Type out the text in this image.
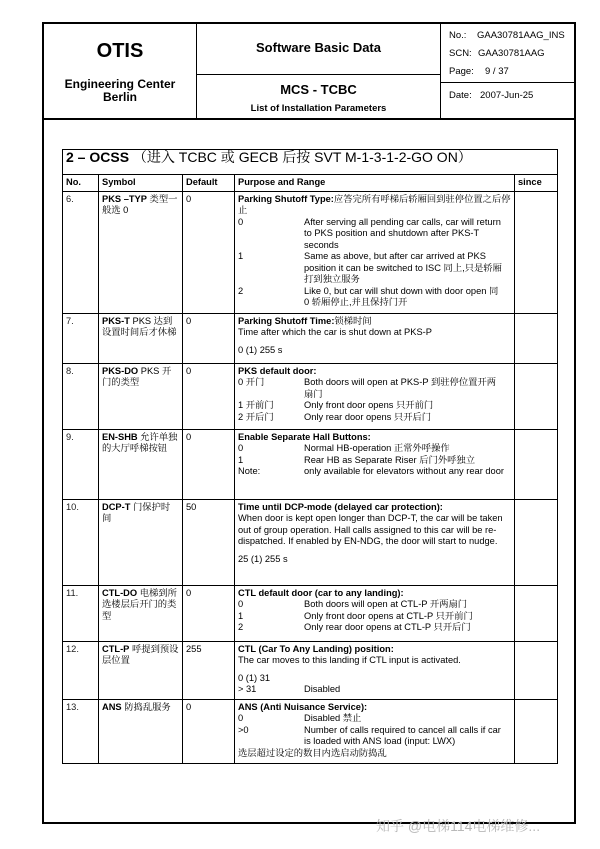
OTIS
Engineering Center
Berlin
Software Basic Data
MCS - TCBC
List of Installation Parameters
No.: GAA30781AAG_INS
SCN: GAA30781AAG
Page: 9 / 37
Date: 2007-Jun-25
2 – OCSS （进入 TCBC 或 GECB 后按 SVT M-1-3-1-2-GO ON）				
No.	Symbol	Default	Purpose and Range	since
6.	PKS –TYP 类型一般选 0	0	Parking Shutoff Type:应答完所有呼梯后轿厢回到驻停位置之后停止
0 After serving all pending car calls, car will return to PKS position and shutdown after PKS-T seconds
1 Same as above, but after car arrived at PKS position it can be switched to ISC 同上,只是轿厢打到独立服务
2 Like 0, but car will shut down with door open 同 0 轿厢停止,并且保持门开	

7.	PKS-T PKS 达到设置时间后才休梯	0	Parking Shutoff Time:锁梯时间
Time after which the car is shut down at PKS-P
0 (1) 255 s	

8.	PKS-DO PKS 开门的类型	0	PKS default door:
0 开门 Both doors will open at PKS-P 到驻停位置开两扇门
1 开前门 Only front door opens 只开前门
2 开后门 Only rear door opens 只开后门	

9.	EN-SHB 允许单独的大厅呼梯按钮	0	Enable Separate Hall Buttons:
0 Normal HB-operation 正常外呼操作
1 Rear HB as Separate Riser 后门外呼独立
Note: only available for elevators without any rear door	

10.	DCP-T 门保护时间	50	Time until DCP-mode (delayed car protection):
When door is kept open longer than DCP-T, the car will be taken out of group operation. Hall calls assigned to this car will be re-dispatched. If enabled by EN-NDG, the door will start to nudge.
25 (1) 255 s	

11.	CTL-DO 电梯到所选楼层后开门的类型	0	CTL default door (car to any landing):
0 Both doors will open at CTL-P 开两扇门
1 Only front door opens at CTL-P 只开前门
2 Only rear door opens at CTL-P 只开后门	

12.	CTL-P 呼提到预设层位置	255	CTL (Car To Any Landing) position:
The car moves to this landing if CTL input is activated.
0 (1) 31
> 31 Disabled	

13.	ANS 防捣乱服务	0	ANS (Anti Nuisance Service):
0 Disabled 禁止
>0 Number of calls required to cancel all calls if car is loaded with ANS load (input: LWX)
选层超过设定的数目内选启动防捣乱	

知乎 @电梯114电梯维修...
